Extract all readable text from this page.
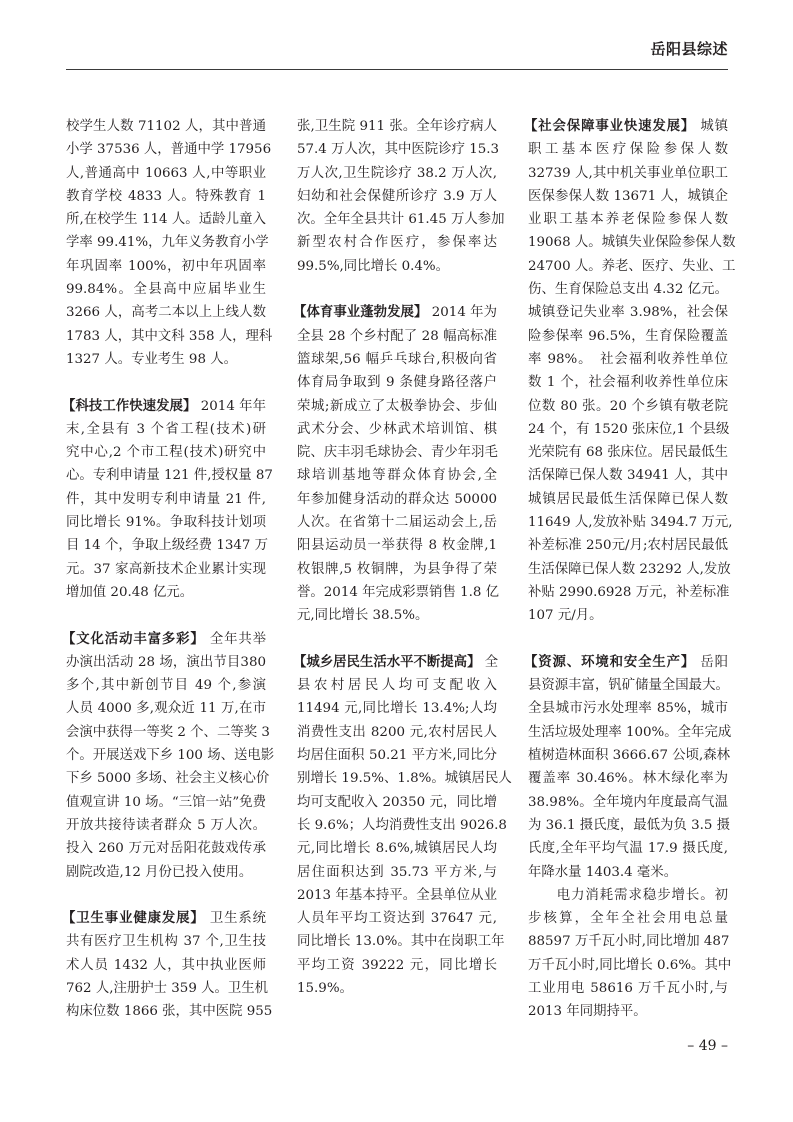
岳阳县综述
校学生人数 71102 人，其中普通
小学 37536 人，普通中学 17956
人,普通高中 10663 人,中等职业
教育学校 4833 人。特殊教育 1
所,在校学生 114 人。适龄儿童入
学率 99.41%，九年义务教育小学
年巩固率 100%，初中年巩固率
99.84%。全县高中应届毕业生
3266 人，高考二本以上上线人数
1783 人，其中文科 358 人，理科
1327 人。专业考生 98 人。
【科技工作快速发展】 2014 年年
末,全县有 3 个省工程(技术)研
究中心,2 个市工程(技术)研究中
心。专利申请量 121 件,授权量 87
件，其中发明专利申请量 21 件,
同比增长 91%。争取科技计划项
目 14 个，争取上级经费 1347 万
元。37 家高新技术企业累计实现
增加值 20.48 亿元。
【文化活动丰富多彩】 全年共举
办演出活动 28 场，演出节目380
多个,其中新创节目 49 个,参演
人员 4000 多,观众近 11 万,在市
会演中获得一等奖 2 个、二等奖 3
个。开展送戏下乡 100 场、送电影
下乡 5000 多场、社会主义核心价
值观宣讲 10 场。“三馆一站”免费
开放共接待读者群众 5 万人次。
投入 260 万元对岳阳花鼓戏传承
剧院改造,12 月份已投入使用。
【卫生事业健康发展】 卫生系统
共有医疗卫生机构 37 个,卫生技
术人员 1432 人，其中执业医师
762 人,注册护士 359 人。卫生机
构床位数 1866 张，其中医院 955
张,卫生院 911 张。全年诊疗病人
57.4 万人次，其中医院诊疗 15.3
万人次,卫生院诊疗 38.2 万人次,
妇幼和社会保健所诊疗 3.9 万人
次。全年全县共计 61.45 万人参加
新型农村合作医疗，参保率达
99.5%,同比增长 0.4%。
【体育事业蓬勃发展】 2014 年为
全县 28 个乡村配了 28 幅高标准
篮球架,56 幅乒乓球台,积极向省
体育局争取到 9 条健身路径落户
荣城;新成立了太极拳协会、步仙
武术分会、少林武术培训馆、棋
院、庆丰羽毛球协会、青少年羽毛
球培训基地等群众体育协会,全
年参加健身活动的群众达 50000
人次。在省第十二届运动会上,岳
阳县运动员一举获得 8 枚金牌,1
枚银牌,5 枚铜牌，为县争得了荣
誉。2014 年完成彩票销售 1.8 亿
元,同比增长 38.5%。
【城乡居民生活水平不断提高】 全
县农村居民人均可支配收入
11494 元,同比增长 13.4%;人均
消费性支出 8200 元,农村居民人
均居住面积 50.21 平方米,同比分
别增长 19.5%、1.8%。城镇居民人
均可支配收入 20350 元，同比增
长 9.6%；人均消费性支出 9026.8
元,同比增长 8.6%,城镇居民人均
居住面积达到 35.73 平方米,与
2013 年基本持平。全县单位从业
人员年平均工资达到 37647 元,
同比增长 13.0%。其中在岗职工年
平均工资 39222 元，同比增长
15.9%。
【社会保障事业快速发展】 城镇
职工基本医疗保险参保人数
32739 人,其中机关事业单位职工
医保参保人数 13671 人，城镇企
业职工基本养老保险参保人数
19068 人。城镇失业保险参保人数
24700 人。养老、医疗、失业、工
伤、生育保险总支出 4.32 亿元。
城镇登记失业率 3.98%，社会保
险参保率 96.5%，生育保险覆盖
率 98%。　社会福利收养性单位
数 1 个，社会福利收养性单位床
位数 80 张。20 个乡镇有敬老院
24 个，有 1520 张床位,1 个县级
光荣院有 68 张床位。居民最低生
活保障已保人数 34941 人，其中
城镇居民最低生活保障已保人数
11649 人,发放补贴 3494.7 万元,
补差标准 250元/月;农村居民最低
生活保障已保人数 23292 人,发放
补贴 2990.6928 万元，补差标准
107 元/月。
【资源、环境和安全生产】 岳阳
县资源丰富，钒矿储量全国最大。
全县城市污水处理率 85%，城市
生活垃圾处理率 100%。全年完成
植树造林面积 3666.67 公顷,森林
覆盖率 30.46%。林木绿化率为
38.98%。全年境内年度最高气温
为 36.1 摄氏度，最低为负 3.5 摄
氏度,全年平均气温 17.9 摄氏度,
年降水量 1403.4 毫米。
　　电力消耗需求稳步增长。初
步核算，全年全社会用电总量
88597 万千瓦小时,同比增加 487
万千瓦小时,同比增长 0.6%。其中
工业用电 58616 万千瓦小时,与
2013 年同期持平。
– 49 –
